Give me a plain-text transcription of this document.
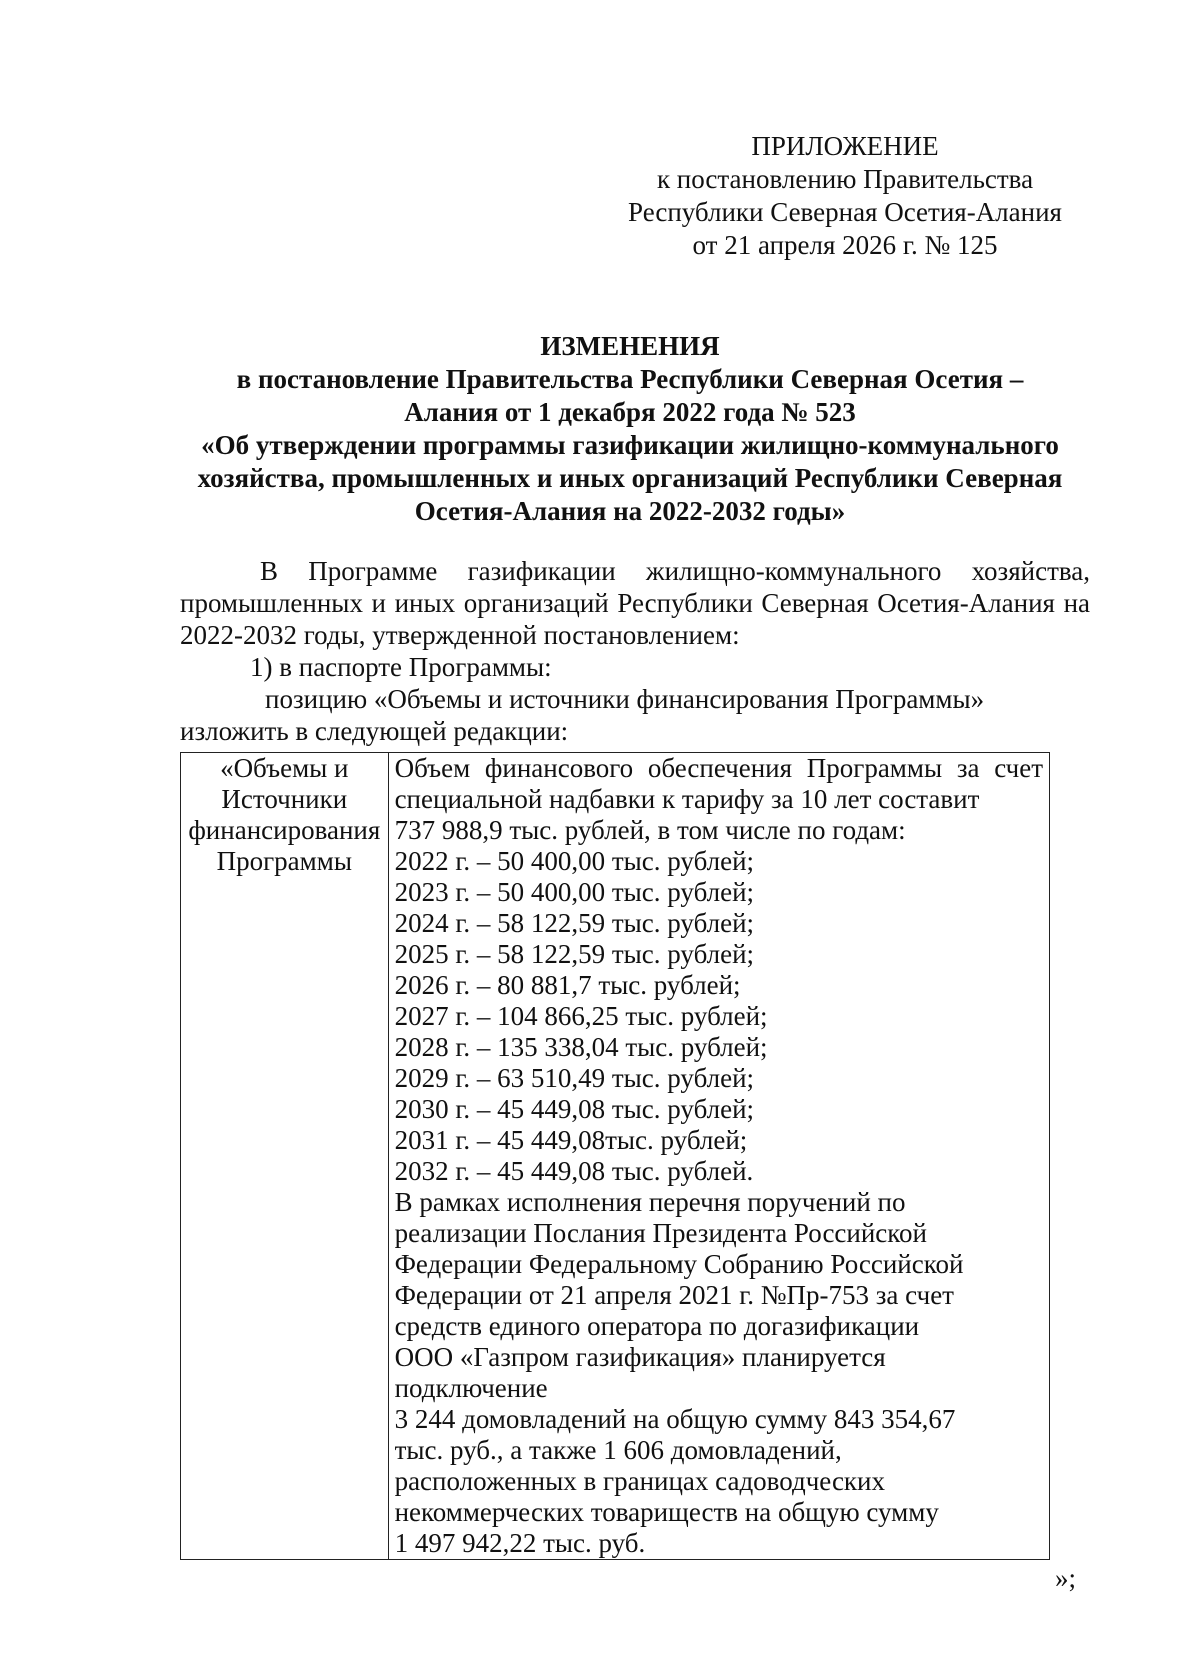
ПРИЛОЖЕНИЕ
к постановлению Правительства
Республики Северная Осетия-Алания
от 21 апреля 2026 г. № 125
ИЗМЕНЕНИЯ
в постановление Правительства Республики Северная Осетия –
Алания от 1 декабря 2022 года № 523
«Об утверждении программы газификации жилищно-коммунального
хозяйства, промышленных и иных организаций Республики Северная
Осетия-Алания на 2022-2032 годы»

В Программе газификации жилищно-коммунального хозяйства, промышленных и иных организаций Республики Северная Осетия-Алания на 2022-2032 годы, утвержденной постановлением:

1) в паспорте Программы:

позицию «Объемы и источники финансирования Программы»

изложить в следующей редакции:

«Объемы и
Источники
финансирования
Программы

Объем финансового обеспечения Программы за счет специальной надбавки к тарифу за 10 лет составит
737 988,9 тыс. рублей, в том числе по годам:
2022 г. – 50 400,00 тыс. рублей;
2023 г. – 50 400,00 тыс. рублей;
2024 г. – 58 122,59 тыс. рублей;
2025 г. – 58 122,59 тыс. рублей;
2026 г. – 80 881,7 тыс. рублей;
2027 г. – 104 866,25 тыс. рублей;
2028 г. – 135 338,04 тыс. рублей;
2029 г. – 63 510,49 тыс. рублей;
2030 г. – 45 449,08 тыс. рублей;
2031 г. – 45 449,08тыс. рублей;
2032 г. – 45 449,08 тыс. рублей.
В рамках исполнения перечня поручений по
реализации Послания Президента Российской
Федерации Федеральному Собранию Российской
Федерации от 21 апреля 2021 г. №Пр-753 за счет
средств единого оператора по догазификации
ООО «Газпром газификация» планируется
подключение
3 244 домовладений на общую сумму 843 354,67
тыс. руб., а также 1 606 домовладений,
расположенных в границах садоводческих
некоммерческих товариществ на общую сумму
1 497 942,22 тыс. руб.
»;
